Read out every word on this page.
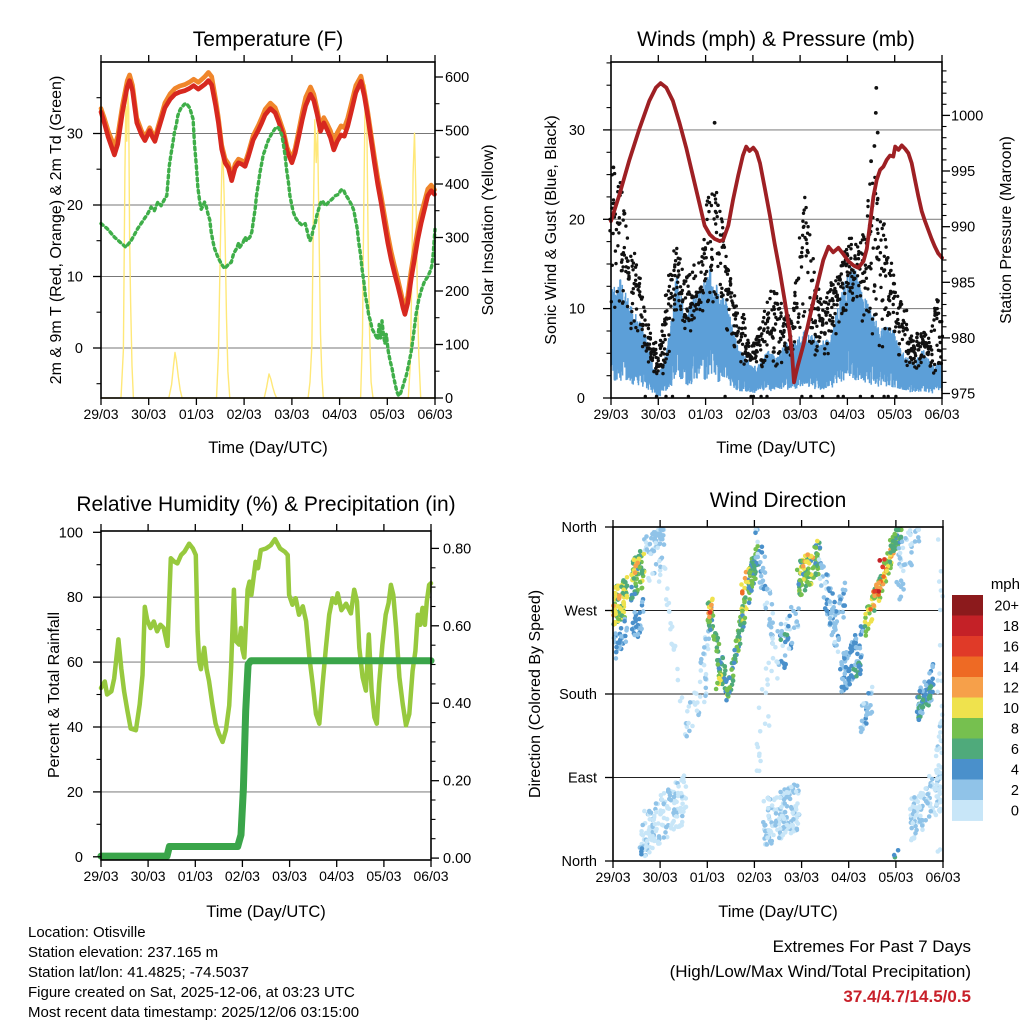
29/03 30/03 01/03 02/03 03/03 04/03 05/03 06/03
0
10
20
30
0
100
200
300
400
500
600
29/03 30/03 01/03 02/03 03/03 04/03 05/03 06/03
0
10
20
30
975
980
985
990
995
1000
29/03 30/03 01/03 02/03 03/03 04/03 05/03 06/03
0
20
40
60
80
100
0.00
0.20
0.40
0.60
0.80
29/03 30/03 01/03 02/03 03/03 04/03 05/03 06/03
North
West
South
East
North
mph
20+
18
16
14
12
10
8
6
4
2
0
Temperature (F)	Winds (mph) & Pressure (mb)
Relative Humidity (%) & Precipitation (in)	Wind Direction
2m & 9m T (Red, Orange) & 2m Td (Green)	Solar Insolation (Yellow)	Sonic Wind & Gust (Blue, Black)	Station Pressure (Maroon)
Percent & Total Rainfall	Direction (Colored By Speed)
Time (Day/UTC)	Time (Day/UTC)
Time (Day/UTC)	Time (Day/UTC)
Location: Otisville
Station elevation: 237.165 m
Station lat/lon: 41.4825; -74.5037
Figure created on Sat, 2025-12-06, at 03:23 UTC
Most recent data timestamp: 2025/12/06 03:15:00
Extremes For Past 7 Days
(High/Low/Max Wind/Total Precipitation)
37.4/4.7/14.5/0.5
